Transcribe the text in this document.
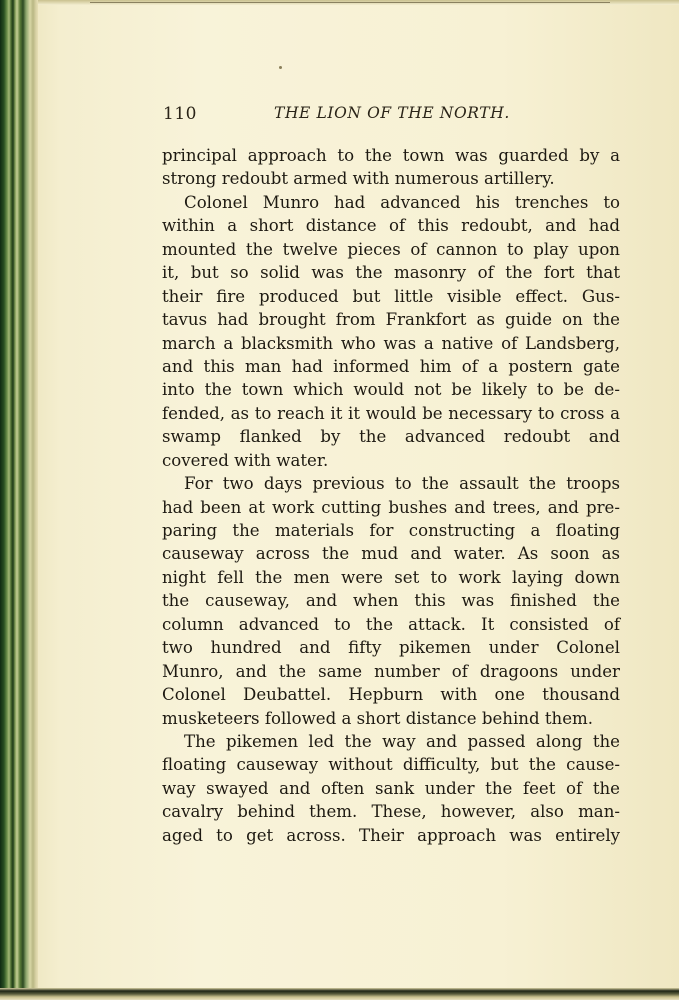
110	THE LION OF THE NORTH.
principal approach to the town was guarded by a
strong redoubt armed with numerous artillery.
Colonel Munro had advanced his trenches to
within a short distance of this redoubt, and had
mounted the twelve pieces of cannon to play upon
it, but so solid was the masonry of the fort that
their fire produced but little visible effect. Gus-
tavus had brought from Frankfort as guide on the
march a blacksmith who was a native of Landsberg,
and this man had informed him of a postern gate
into the town which would not be likely to be de-
fended, as to reach it it would be necessary to cross a
swamp flanked by the advanced redoubt and
covered with water.
For two days previous to the assault the troops
had been at work cutting bushes and trees, and pre-
paring the materials for constructing a floating
causeway across the mud and water. As soon as
night fell the men were set to work laying down
the causeway, and when this was finished the
column advanced to the attack. It consisted of
two hundred and fifty pikemen under Colonel
Munro, and the same number of dragoons under
Colonel Deubattel. Hepburn with one thousand
musketeers followed a short distance behind them.
The pikemen led the way and passed along the
floating causeway without difficulty, but the cause-
way swayed and often sank under the feet of the
cavalry behind them. These, however, also man-
aged to get across. Their approach was entirely
